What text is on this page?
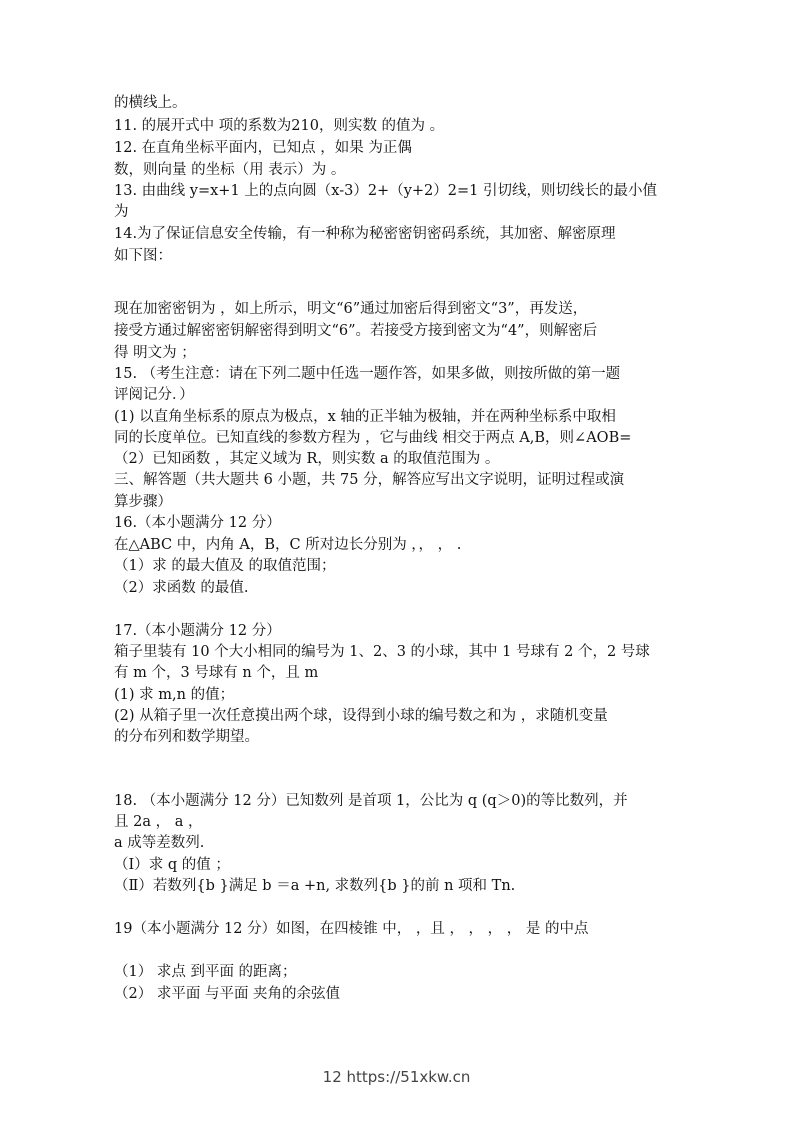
的横线上。
11. 的展开式中 项的系数为210，则实数 的值为 。
12. 在直角坐标平面内，已知点 ，如果 为正偶
数，则向量 的坐标（用 表示）为 。
13. 由曲线 y=x+1 上的点向圆（x-3）2+（y+2）2=1 引切线，则切线长的最小值
为
14.为了保证信息安全传输，有一种称为秘密密钥密码系统，其加密、解密原理
如下图：
现在加密密钥为 ，如上所示，明文“6”通过加密后得到密文“3”，再发送，
接受方通过解密密钥解密得到明文“6”。若接受方接到密文为“4”，则解密后
得 明文为 ；
15. （考生注意：请在下列二题中任选一题作答，如果多做，则按所做的第一题
评阅记分．）
(1) 以直角坐标系的原点为极点，x 轴的正半轴为极轴，并在两种坐标系中取相
同的长度单位。已知直线的参数方程为 ，它与曲线 相交于两点 A,B，则∠AOB=
（2）已知函数 ，其定义域为 R，则实数 a 的取值范围为 。
三、解答题（共大题共 6 小题，共 75 分，解答应写出文字说明，证明过程或演
算步骤）
16.（本小题满分 12 分）
在△ABC 中，内角 A，B，C 所对边长分别为 ，， ， .
（1）求 的最大值及 的取值范围；
（2）求函数 的最值.
17.（本小题满分 12 分）
箱子里装有 10 个大小相同的编号为 1、2、3 的小球，其中 1 号球有 2 个，2 号球
有 m 个，3 号球有 n 个，且 m
(1) 求 m,n 的值；
(2) 从箱子里一次任意摸出两个球，设得到小球的编号数之和为 ，求随机变量
的分布列和数学期望。
18. （本小题满分 12 分）已知数列 是首项 1，公比为 q (q＞0)的等比数列，并
且 2a ， a ，
a 成等差数列.
（Ⅰ）求 q 的值 ；
（Ⅱ）若数列{b }满足 b ＝a +n, 求数列{b }的前 n 项和 Tn.
19（本小题满分 12 分）如图，在四棱锥 中， ，且 ， ， ， ， 是 的中点
（1） 求点 到平面 的距离；
（2） 求平面 与平面 夹角的余弦值
12 https://51xkw.cn
